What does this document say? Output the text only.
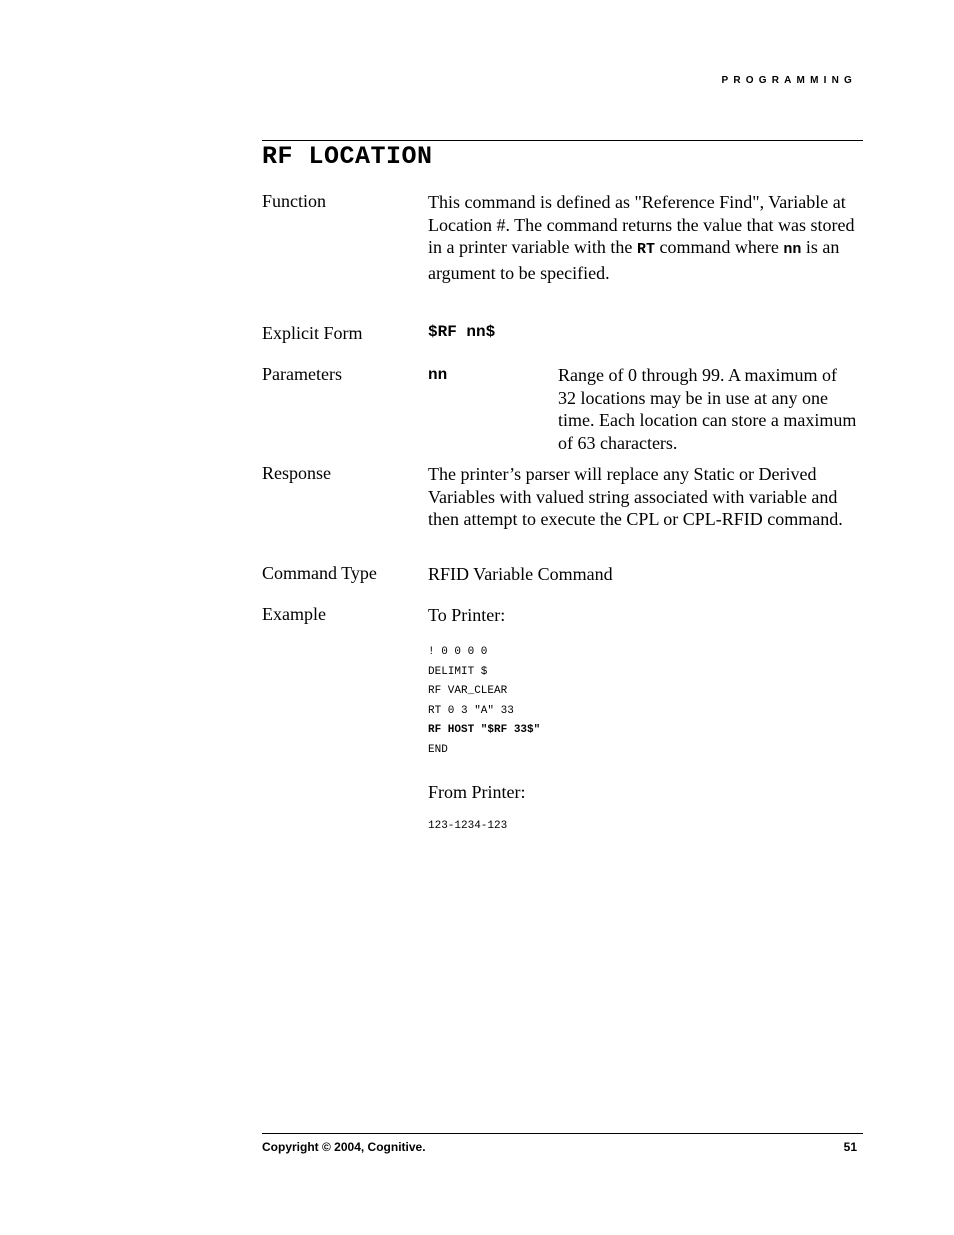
PROGRAMMING
RF LOCATION
Function	This command is defined as "Reference Find", Variable at Location #. The command returns the value that was stored in a printer variable with the RT command where nn is an argument to be specified.
Explicit Form	$RF nn$
Parameters	nn	Range of 0 through 99. A maximum of 32 locations may be in use at any one time. Each location can store a maximum of 63 characters.
Response	The printer’s parser will replace any Static or Derived Variables with valued string associated with variable and then attempt to execute the CPL or CPL-RFID command.
Command Type	RFID Variable Command
Example	To Printer:
! 0 0 0 0
DELIMIT $
RF VAR_CLEAR
RT 0 3 "A" 33
RF HOST "$RF 33$"
END
From Printer:
123-1234-123
Copyright © 2004, Cognitive.	51
